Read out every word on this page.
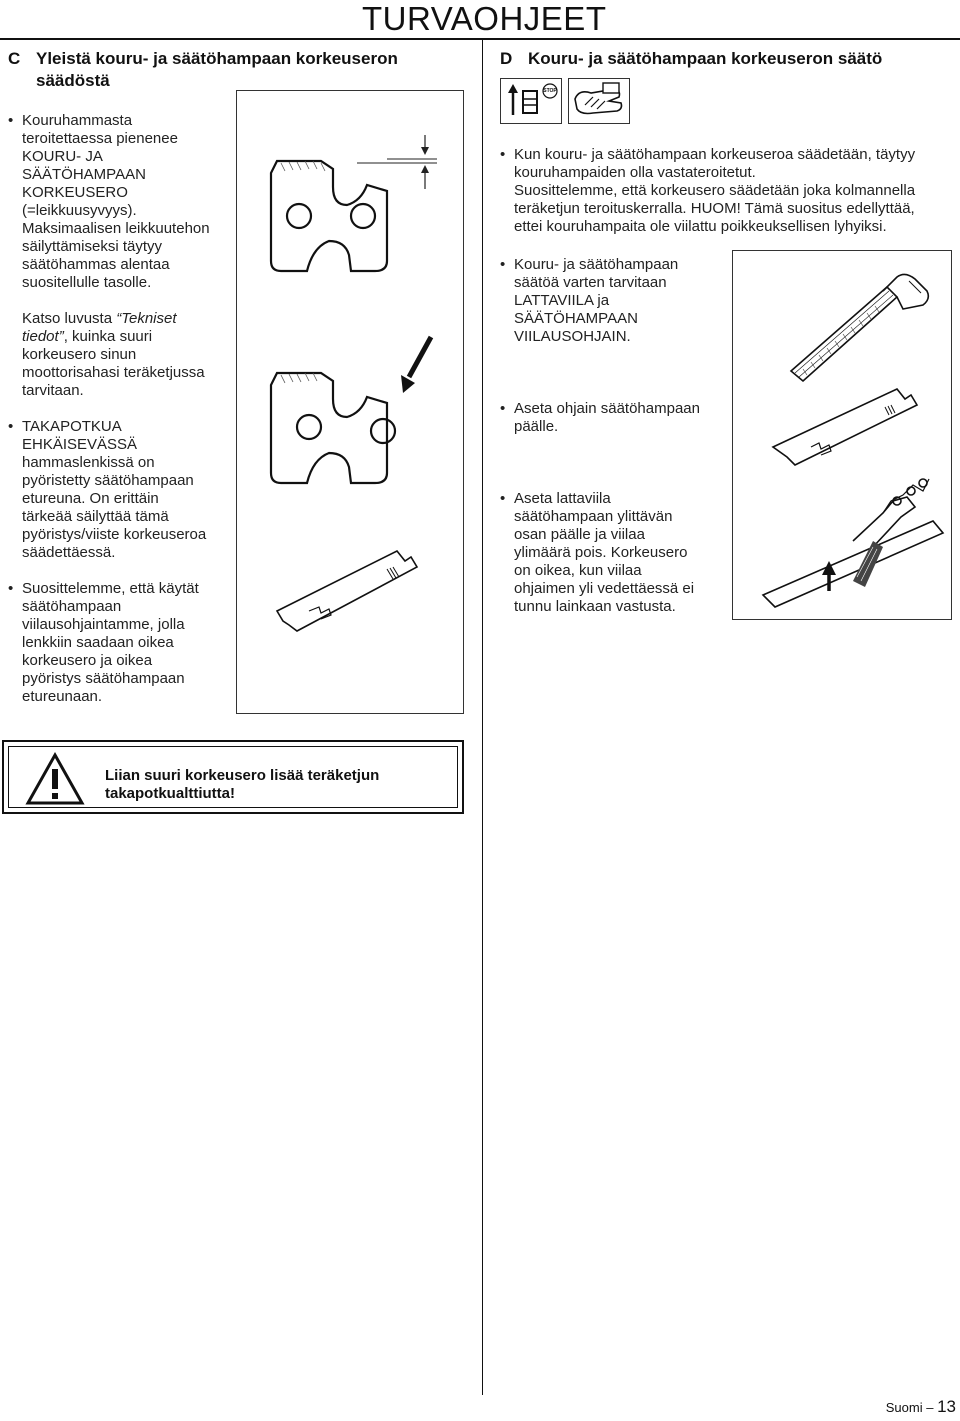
TURVAOHJEET
C Yleistä kouru- ja säätöhampaan korkeuseron säädöstä

• Kouruhammasta
teroitettaessa pienenee
KOURU- JA
SÄÄTÖHAMPAAN
KORKEUSERO
(=leikkuusyvyys).
Maksimaalisen leikkuutehon
säilyttämiseksi täytyy
säätöhammas alentaa
suositellulle tasolle.

Katso luvusta “Tekniset
tiedot”, kuinka suuri
korkeusero sinun
moottorisahasi teräketjussa
tarvitaan.

• TAKAPOTKUA
EHKÄISEVÄSSÄ
hammaslenkissä on
pyöristetty säätöhampaan
etureuna. On erittäin
tärkeää säilyttää tämä
pyöristys/viiste korkeuseroa
säädettäessä.

• Suosittelemme, että käytät
säätöhampaan
viilausohjaintamme, jolla
lenkkiin saadaan oikea
korkeusero ja oikea
pyöristys säätöhampaan
etureunaan.

D Kouru- ja säätöhampaan korkeuseron säätö
STOP

• Kun kouru- ja säätöhampaan korkeuseroa säädetään, täytyy
kouruhampaiden olla vastateroitetut.
Suosittelemme, että korkeusero säädetään joka kolmannella
teräketjun teroituskerralla. HUOM! Tämä suositus edellyttää,
ettei kouruhampaita ole viilattu poikkeuksellisen lyhyiksi.

• Kouru- ja säätöhampaan
säätöä varten tarvitaan
LATTAVIILA ja
SÄÄTÖHAMPAAN
VIILAUSOHJAIN.

• Aseta ohjain säätöhampaan
päälle.

• Aseta lattaviila
säätöhampaan ylittävän
osan päälle ja viilaa
ylimäärä pois. Korkeusero
on oikea, kun viilaa
ohjaimen yli vedettäessä ei
tunnu lainkaan vastusta.

Liian suuri korkeusero lisää teräketjun
takapotkualttiutta!
Suomi – 13
